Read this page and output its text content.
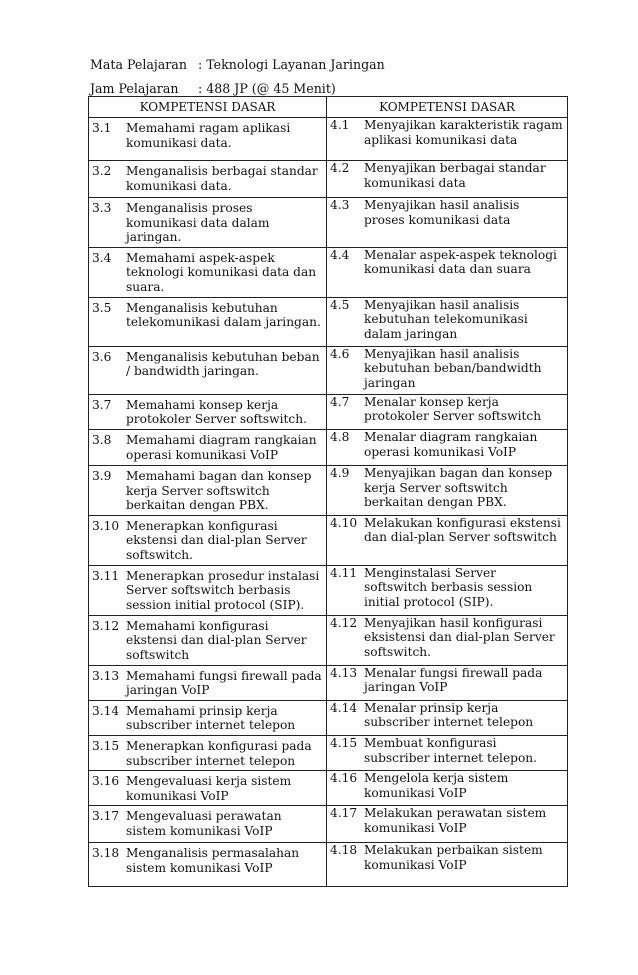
Mata Pelajaran : Teknologi Layanan Jaringan
Jam Pelajaran : 488 JP (@ 45 Menit)
KOMPETENSI DASAR	KOMPETENSI DASAR

3.1 Memahami ragam aplikasi komunikasi data.	4.1 Menyajikan karakteristik ragam aplikasi komunikasi data

3.2 Menganalisis berbagai standar komunikasi data.	4.2 Menyajikan berbagai standar komunikasi data

3.3 Menganalisis proses komunikasi data dalam jaringan.	4.3 Menyajikan hasil analisis proses komunikasi data

3.4 Memahami aspek-aspek teknologi komunikasi data dan suara.	4.4 Menalar aspek-aspek teknologi komunikasi data dan suara

3.5 Menganalisis kebutuhan telekomunikasi dalam jaringan.	4.5 Menyajikan hasil analisis kebutuhan telekomunikasi dalam jaringan

3.6 Menganalisis kebutuhan beban / bandwidth jaringan.	4.6 Menyajikan hasil analisis kebutuhan beban/bandwidth jaringan

3.7 Memahami konsep kerja protokoler Server softswitch.	4.7 Menalar konsep kerja protokoler Server softswitch

3.8 Memahami diagram rangkaian operasi komunikasi VoIP	4.8 Menalar diagram rangkaian operasi komunikasi VoIP

3.9 Memahami bagan dan konsep kerja Server softswitch berkaitan dengan PBX.	4.9 Menyajikan bagan dan konsep kerja Server softswitch berkaitan dengan PBX.

3.10 Menerapkan konfigurasi ekstensi dan dial-plan Server softswitch.	4.10 Melakukan konfigurasi ekstensi dan dial-plan Server softswitch

3.11 Menerapkan prosedur instalasi Server softswitch berbasis session initial protocol (SIP).	4.11 Menginstalasi Server softswitch berbasis session initial protocol (SIP).

3.12 Memahami konfigurasi ekstensi dan dial-plan Server softswitch	4.12 Menyajikan hasil konfigurasi eksistensi dan dial-plan Server softswitch.

3.13 Memahami fungsi firewall pada jaringan VoIP	4.13 Menalar fungsi firewall pada jaringan VoIP

3.14 Memahami prinsip kerja subscriber internet telepon	4.14 Menalar prinsip kerja subscriber internet telepon

3.15 Menerapkan konfigurasi pada subscriber internet telepon	4.15 Membuat konfigurasi subscriber internet telepon.

3.16 Mengevaluasi kerja sistem komunikasi VoIP	4.16 Mengelola kerja sistem komunikasi VoIP

3.17 Mengevaluasi perawatan sistem komunikasi VoIP	4.17 Melakukan perawatan sistem komunikasi VoIP

3.18 Menganalisis permasalahan sistem komunikasi VoIP	4.18 Melakukan perbaikan sistem komunikasi VoIP
